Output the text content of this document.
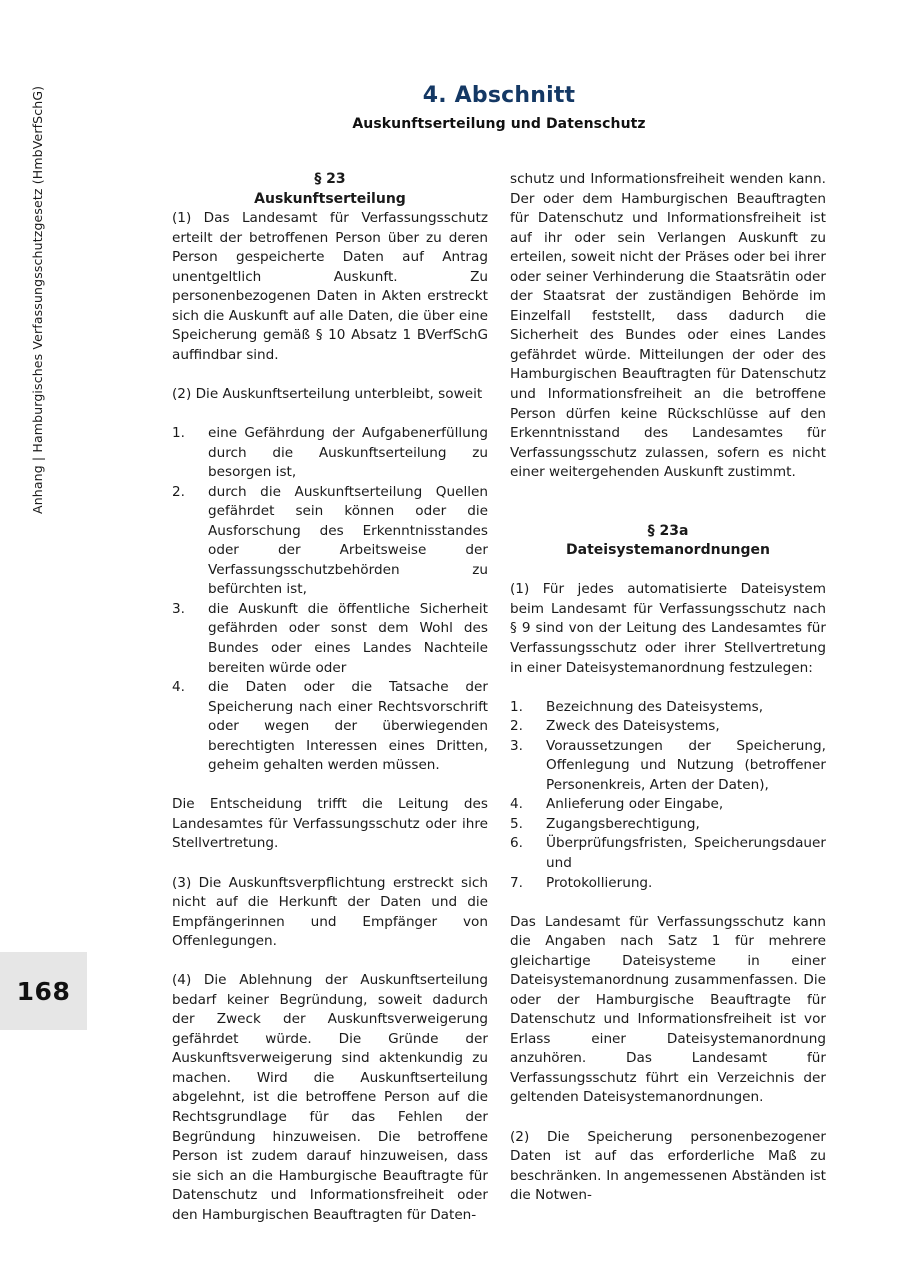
168
Anhang | Hamburgisches Verfassungsschutzgesetz (HmbVerfSchG)	4. Abschnitt
Auskunftserteilung und Datenschutz
§ 23
Auskunftserteilung

(1) Das Landesamt für Verfassungsschutz erteilt der betroffenen Person über zu deren Person gespeicherte Daten auf Antrag unentgeltlich Auskunft. Zu personenbezogenen Daten in Akten erstreckt sich die Auskunft auf alle Daten, die über eine Speicherung gemäß § 10 Absatz 1 BVerfSchG auffindbar sind.

(2) Die Auskunftserteilung unterbleibt, soweit

1.	eine Gefährdung der Aufgabenerfüllung durch die Auskunftserteilung zu besorgen ist,
2.	durch die Auskunftserteilung Quellen gefährdet sein können oder die Ausforschung des Erkenntnisstandes oder der Arbeitsweise der Verfassungsschutzbehörden zu befürchten ist,
3.	die Auskunft die öffentliche Sicherheit gefährden oder sonst dem Wohl des Bundes oder eines Landes Nachteile bereiten würde oder
4.	die Daten oder die Tatsache der Speicherung nach einer Rechtsvorschrift oder wegen der überwiegenden berechtigten Interessen eines Dritten, geheim gehalten werden müssen.

Die Entscheidung trifft die Leitung des Landesamtes für Verfassungsschutz oder ihre Stellvertretung.

(3) Die Auskunftsverpflichtung erstreckt sich nicht auf die Herkunft der Daten und die Empfängerinnen und Empfänger von Offenlegungen.

(4) Die Ablehnung der Auskunftserteilung bedarf keiner Begründung, soweit dadurch der Zweck der Auskunftsverweigerung gefährdet würde. Die Gründe der Auskunftsverweigerung sind aktenkundig zu machen. Wird die Auskunftserteilung abgelehnt, ist die betroffene Person auf die Rechtsgrundlage für das Fehlen der Begründung hinzuweisen. Die betroffene Person ist zudem darauf hinzuweisen, dass sie sich an die Hamburgische Beauftragte für Datenschutz und Informationsfreiheit oder den Hamburgischen Beauftragten für Daten-

schutz und Informationsfreiheit wenden kann. Der oder dem Hamburgischen Beauftragten für Datenschutz und Informationsfreiheit ist auf ihr oder sein Verlangen Auskunft zu erteilen, soweit nicht der Präses oder bei ihrer oder seiner Verhinderung die Staatsrätin oder der Staatsrat der zuständigen Behörde im Einzelfall feststellt, dass dadurch die Sicherheit des Bundes oder eines Landes gefährdet würde. Mitteilungen der oder des Hamburgischen Beauftragten für Datenschutz und Informationsfreiheit an die betroffene Person dürfen keine Rückschlüsse auf den Erkenntnisstand des Landesamtes für Verfassungsschutz zulassen, sofern es nicht einer weitergehenden Auskunft zustimmt.

§ 23a
Dateisystemanordnungen

(1) Für jedes automatisierte Dateisystem beim Landesamt für Verfassungsschutz nach § 9 sind von der Leitung des Landesamtes für Verfassungsschutz oder ihrer Stellvertretung in einer Dateisystemanordnung festzulegen:

1.	Bezeichnung des Dateisystems,
2.	Zweck des Dateisystems,
3.	Voraussetzungen der Speicherung, Offenlegung und Nutzung (betroffener Personenkreis, Arten der Daten),
4.	Anlieferung oder Eingabe,
5.	Zugangsberechtigung,
6.	Überprüfungsfristen, Speicherungsdauer und
7.	Protokollierung.

Das Landesamt für Verfassungsschutz kann die Angaben nach Satz 1 für mehrere gleichartige Dateisysteme in einer Dateisystemanordnung zusammenfassen. Die oder der Hamburgische Beauftragte für Datenschutz und Informationsfreiheit ist vor Erlass einer Dateisystemanordnung anzuhören. Das Landesamt für Verfassungsschutz führt ein Verzeichnis der geltenden Dateisystemanordnungen.

(2) Die Speicherung personenbezogener Daten ist auf das erforderliche Maß zu beschränken. In angemessenen Abständen ist die Notwen-
